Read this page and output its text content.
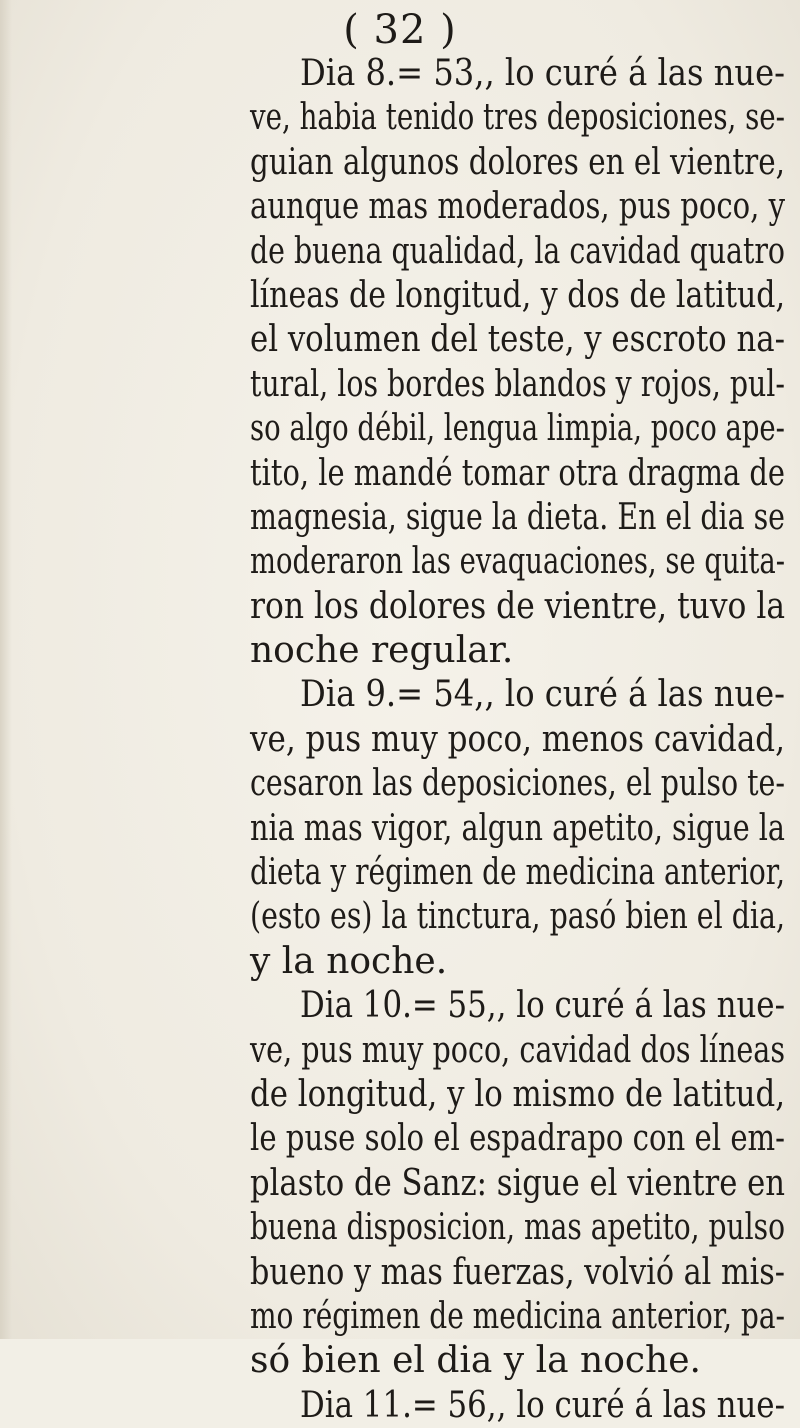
( 32 )
Dia 8.= 53,, lo curé á las nue-
ve, habia tenido tres deposiciones, se-
guian algunos dolores en el vientre,
aunque mas moderados, pus poco, y
de buena qualidad, la cavidad quatro
líneas de longitud, y dos de latitud,
el volumen del teste, y escroto na-
tural, los bordes blandos y rojos, pul-
so algo débil, lengua limpia, poco ape-
tito, le mandé tomar otra dragma de
magnesia, sigue la dieta. En el dia se
moderaron las evaquaciones, se quita-
ron los dolores de vientre, tuvo la
noche regular.
Dia 9.= 54,, lo curé á las nue-
ve, pus muy poco, menos cavidad,
cesaron las deposiciones, el pulso te-
nia mas vigor, algun apetito, sigue la
dieta y régimen de medicina anterior,
(esto es) la tinctura, pasó bien el dia,
y la noche.
Dia 10.= 55,, lo curé á las nue-
ve, pus muy poco, cavidad dos líneas
de longitud, y lo mismo de latitud,
le puse solo el espadrapo con el em-
plasto de Sanz: sigue el vientre en
buena disposicion, mas apetito, pulso
bueno y mas fuerzas, volvió al mis-
mo régimen de medicina anterior, pa-
só bien el dia y la noche.
Dia 11.= 56,, lo curé á las nue-
